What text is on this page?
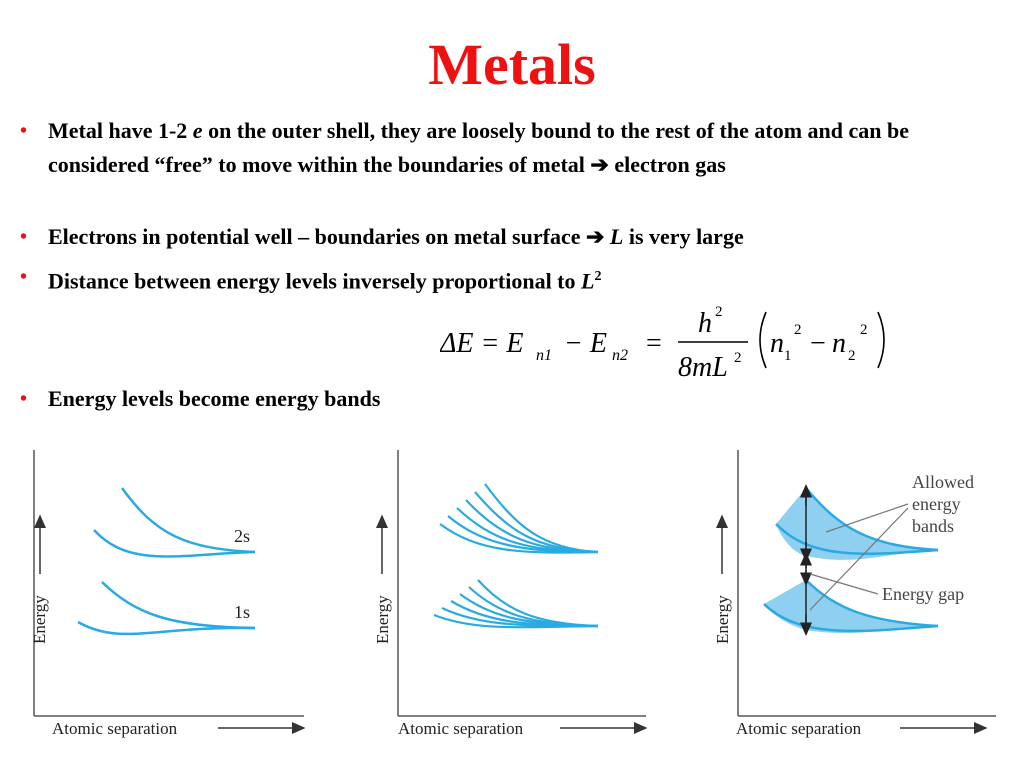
Metals
• Metal have 1-2 e on the outer shell, they are loosely bound to the rest of the atom and can be considered “free” to move within the boundaries of metal ➔ electron gas
• Electrons in potential well – boundaries on metal surface ➔ L is very large
• Distance between energy levels inversely proportional to $L^2$
• Energy levels become energy bands
ΔE = E n1 − E n2 =
h 2
8mL 2 n 1
2 − n 2
2
Energy
Atomic separation
2s
1s	Energy
Atomic separation
Energy
Atomic separation
Allowed
energy
bands
Energy gap
